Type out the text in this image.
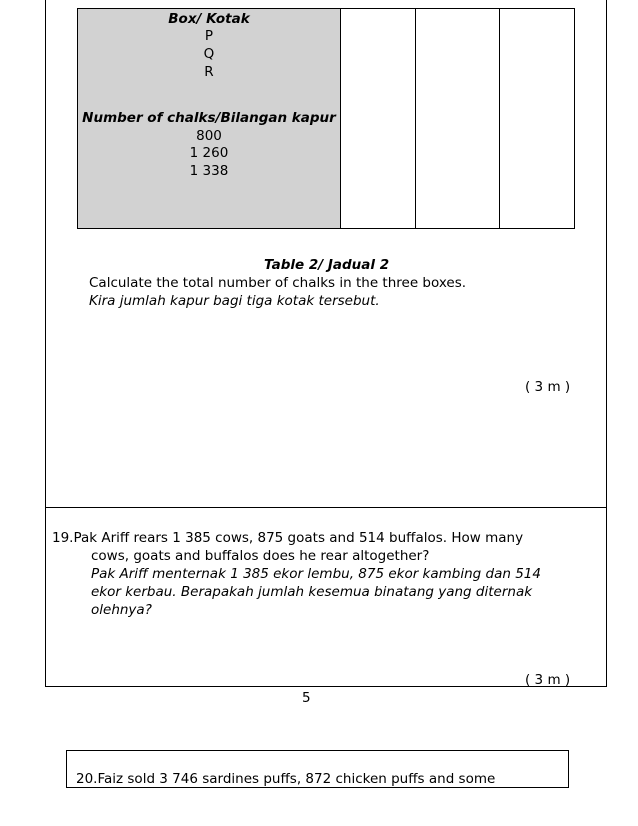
Box/ Kotak
P
Q
R
Number of chalks/Bilangan kapur
800
1 260
1 338
Table 2/ Jadual 2
Calculate the total number of chalks in the three boxes.
Kira jumlah kapur bagi tiga kotak tersebut.
( 3 m )
19.Pak Ariff rears 1 385 cows, 875 goats and 514 buffalos. How many
cows, goats and buffalos does he rear altogether?
Pak Ariff menternak 1 385 ekor lembu, 875 ekor kambing dan 514
ekor kerbau. Berapakah jumlah kesemua binatang yang diternak
olehnya?
( 3 m )
5
20.Faiz sold 3 746 sardines puffs, 872 chicken puffs and some
